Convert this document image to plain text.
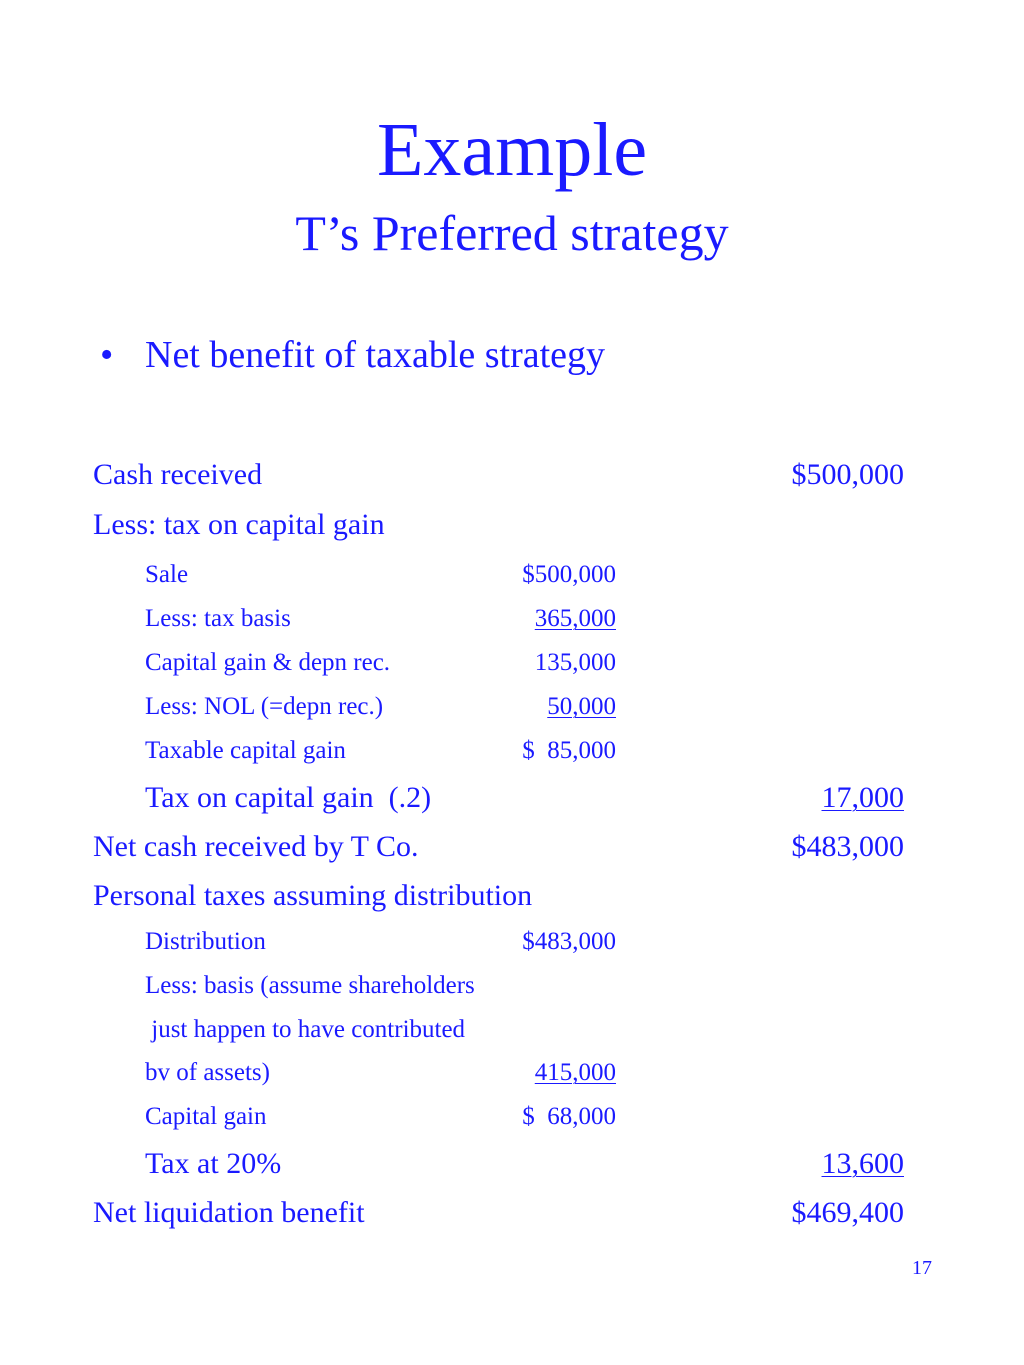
Example
T’s Preferred strategy
• Net benefit of taxable strategy
Cash received	$500,000
Less: tax on capital gain
Sale	$500,000
Less: tax basis	365,000
Capital gain & depn rec.	135,000
Less: NOL (=depn rec.)	50,000
Taxable capital gain	$  85,000
Tax on capital gain  (.2)	17,000
Net cash received by T Co.	$483,000
Personal taxes assuming distribution
Distribution	$483,000
Less: basis (assume shareholders
just happen to have contributed
bv of assets)	415,000
Capital gain	$  68,000
Tax at 20%	13,600
Net liquidation benefit	$469,400
17
